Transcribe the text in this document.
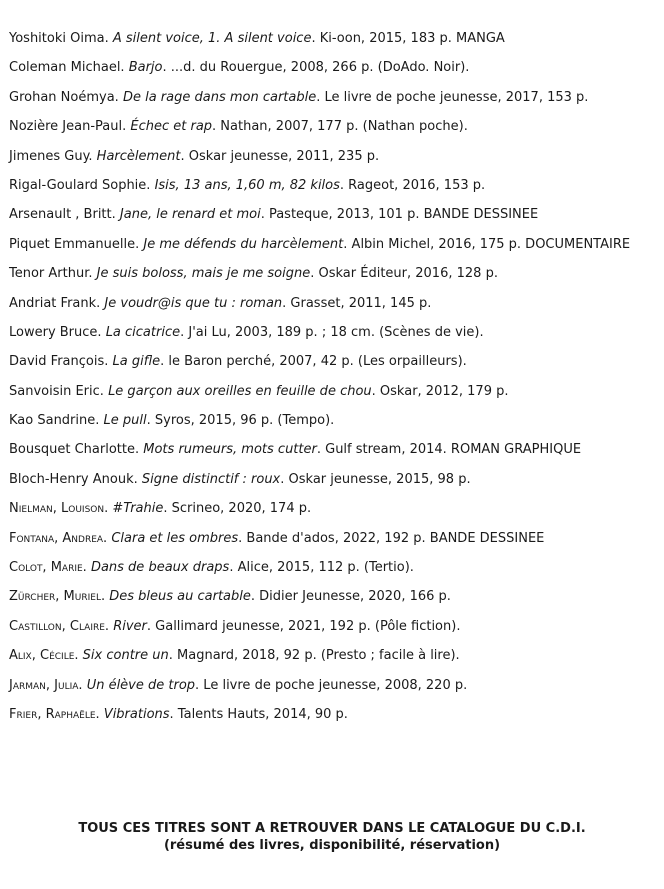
Yoshitoki Oima. A silent voice, 1. A silent voice. Ki-oon, 2015, 183 p. MANGA

Coleman Michael. Barjo. ...d. du Rouergue, 2008, 266 p. (DoAdo. Noir).

Grohan Noémya. De la rage dans mon cartable. Le livre de poche jeunesse, 2017, 153 p.

Nozière Jean-Paul. Échec et rap. Nathan, 2007, 177 p. (Nathan poche).

Jimenes Guy. Harcèlement. Oskar jeunesse, 2011, 235 p.

Rigal-Goulard Sophie. Isis, 13 ans, 1,60 m, 82 kilos. Rageot, 2016, 153 p.

Arsenault , Britt. Jane, le renard et moi. Pasteque, 2013, 101 p. BANDE DESSINEE

Piquet Emmanuelle. Je me défends du harcèlement. Albin Michel, 2016, 175 p. DOCUMENTAIRE

Tenor Arthur. Je suis boloss, mais je me soigne. Oskar Éditeur, 2016, 128 p.

Andriat Frank. Je voudr@is que tu : roman. Grasset, 2011, 145 p.

Lowery Bruce. La cicatrice. J'ai Lu, 2003, 189 p. ; 18 cm. (Scènes de vie).

David François. La gifle. le Baron perché, 2007, 42 p. (Les orpailleurs).

Sanvoisin Eric. Le garçon aux oreilles en feuille de chou. Oskar, 2012, 179 p.

Kao Sandrine. Le pull. Syros, 2015, 96 p. (Tempo).

Bousquet Charlotte. Mots rumeurs, mots cutter. Gulf stream, 2014. ROMAN GRAPHIQUE

Bloch-Henry Anouk. Signe distinctif : roux. Oskar jeunesse, 2015, 98 p.

Nielman, Louison. #Trahie. Scrineo, 2020, 174 p.

Fontana, Andrea. Clara et les ombres. Bande d'ados, 2022, 192 p. BANDE DESSINEE

Colot, Marie. Dans de beaux draps. Alice, 2015, 112 p. (Tertio).

Zürcher, Muriel. Des bleus au cartable. Didier Jeunesse, 2020, 166 p.

Castillon, Claire. River. Gallimard jeunesse, 2021, 192 p. (Pôle fiction).

Alix, Cécile. Six contre un. Magnard, 2018, 92 p. (Presto ; facile à lire).

Jarman, Julia. Un élève de trop. Le livre de poche jeunesse, 2008, 220 p.

Frier, Raphaële. Vibrations. Talents Hauts, 2014, 90 p.

TOUS CES TITRES SONT A RETROUVER DANS LE CATALOGUE DU C.D.I.

(résumé des livres, disponibilité, réservation)
